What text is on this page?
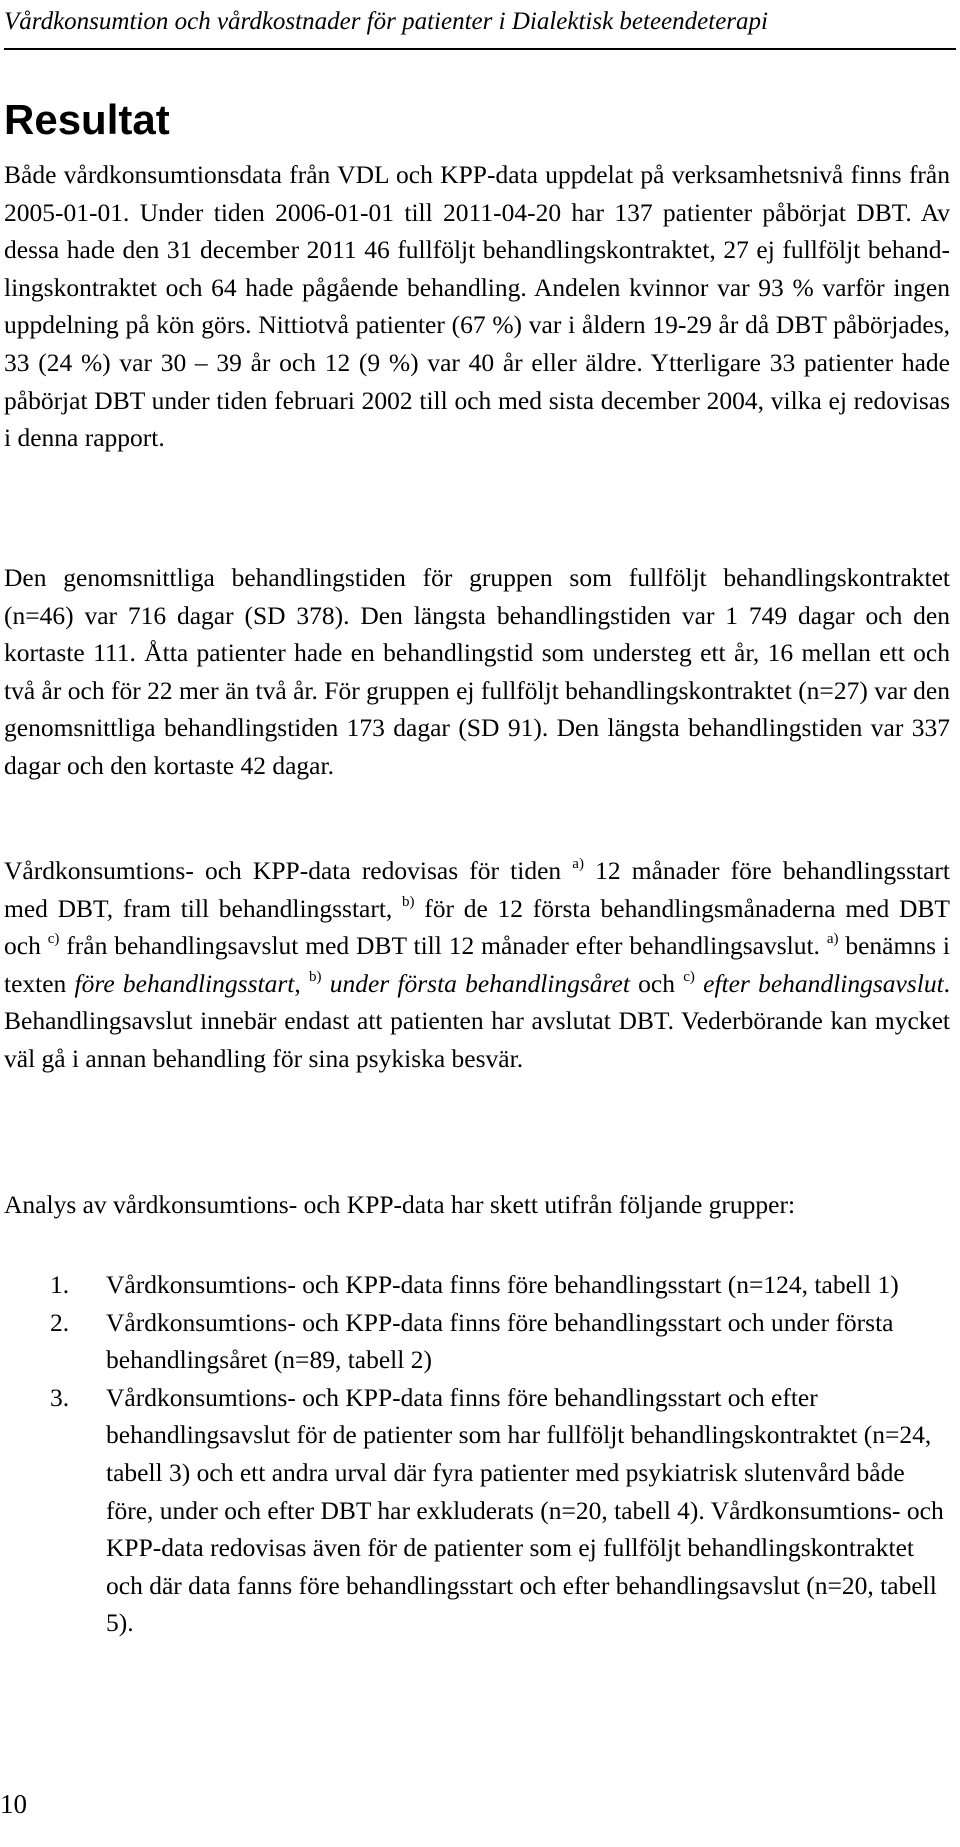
Vårdkonsumtion och vårdkostnader för patienter i Dialektisk beteendeterapi
Resultat

Både vårdkonsumtionsdata från VDL och KPP-data uppdelat på verksamhetsnivå finns från 2005-01-01. Under tiden 2006-01-01 till 2011-04-20 har 137 patienter påbörjat DBT. Av dessa hade den 31 december 2011 46 fullföljt behandlingskontraktet, 27 ej fullföljt behandlingskontraktet och 64 hade pågående behandling. Andelen kvinnor var 93 % varför ingen uppdelning på kön görs. Nittiotvå patienter (67 %) var i åldern 19-29 år då DBT påbörjades, 33 (24 %) var 30 – 39 år och 12 (9 %) var 40 år eller äldre. Ytterligare 33 patienter hade påbörjat DBT under tiden februari 2002 till och med sista december 2004, vilka ej redovisas i denna rapport.

Den genomsnittliga behandlingstiden för gruppen som fullföljt behandlingskontraktet (n=46) var 716 dagar (SD 378). Den längsta behandlingstiden var 1 749 dagar och den kortaste 111. Åtta patienter hade en behandlingstid som understeg ett år, 16 mellan ett och två år och för 22 mer än två år. För gruppen ej fullföljt behandlingskontraktet (n=27) var den genomsnittliga behandlingstiden 173 dagar (SD 91). Den längsta behandlingstiden var 337 dagar och den kortaste 42 dagar.

Vårdkonsumtions- och KPP-data redovisas för tiden $^{a)}$ 12 månader före behandlingsstart med DBT, fram till behandlingsstart, $^{b)}$ för de 12 första behandlingsmånaderna med DBT och $^{c)}$ från behandlingsavslut med DBT till 12 månader efter behandlingsavslut. $^{a)}$ benämns i texten före behandlingsstart, $^{b)}$ under första behandlingsåret och $^{c)}$ efter behandlingsavslut. Behandlingsavslut innebär endast att patienten har avslutat DBT. Vederbörande kan mycket väl gå i annan behandling för sina psykiska besvär.

Analys av vårdkonsumtions- och KPP-data har skett utifrån följande grupper:

1. Vårdkonsumtions- och KPP-data finns före behandlingsstart (n=124, tabell 1)
2. Vårdkonsumtions- och KPP-data finns före behandlingsstart och under första behandlingsåret (n=89, tabell 2)
3. Vårdkonsumtions- och KPP-data finns före behandlingsstart och efter behandlingsavslut för de patienter som har fullföljt behandlingskontraktet (n=24, tabell 3) och ett andra urval där fyra patienter med psykiatrisk slutenvård både före, under och efter DBT har exkluderats (n=20, tabell 4). Vårdkonsumtions- och KPP-data redovisas även för de patienter som ej fullföljt behandlingskontraktet och där data fanns före behandlingsstart och efter behandlingsavslut (n=20, tabell 5).
10
